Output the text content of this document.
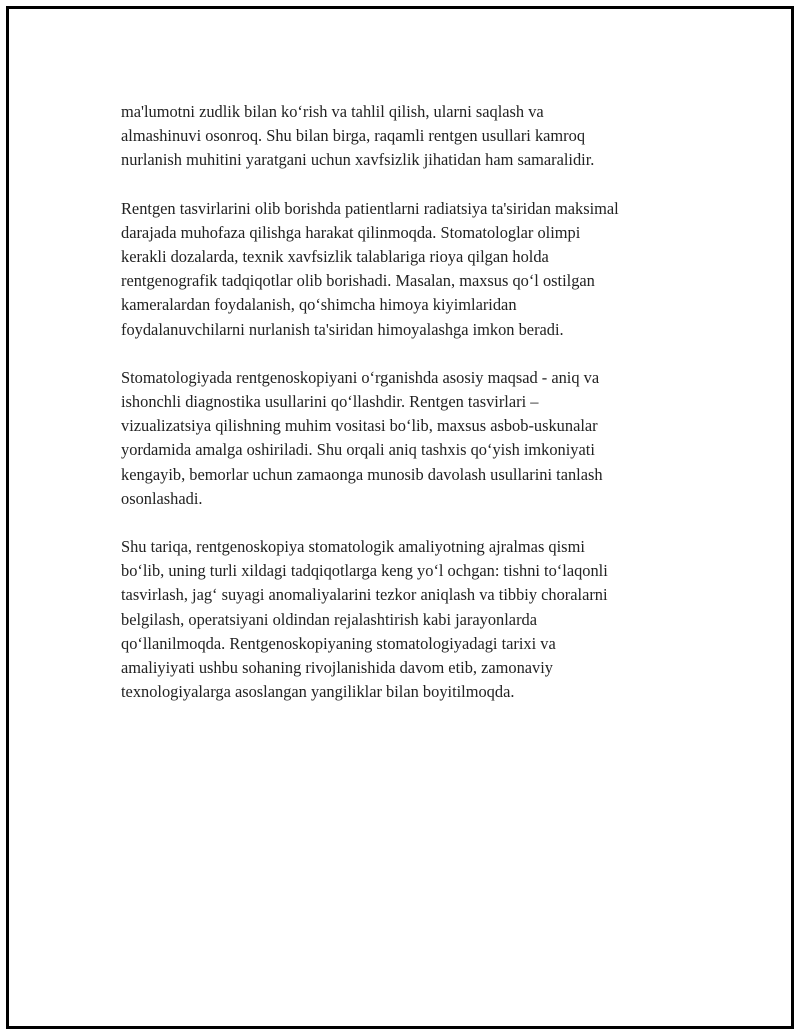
ma'lumotni zudlik bilan ko‘rish va tahlil qilish, ularni saqlash va
almashinuvi osonroq. Shu bilan birga, raqamli rentgen usullari kamroq
nurlanish muhitini yaratgani uchun xavfsizlik jihatidan ham samaralidir.

Rentgen tasvirlarini olib borishda patientlarni radiatsiya ta'siridan maksimal
darajada muhofaza qilishga harakat qilinmoqda. Stomatologlar olimpi
kerakli dozalarda, texnik xavfsizlik talablariga rioya qilgan holda
rentgenografik tadqiqotlar olib borishadi. Masalan, maxsus qo‘l ostilgan
kameralardan foydalanish, qo‘shimcha himoya kiyimlaridan
foydalanuvchilarni nurlanish ta'siridan himoyalashga imkon beradi.

Stomatologiyada rentgenoskopiyani o‘rganishda asosiy maqsad - aniq va
ishonchli diagnostika usullarini qo‘llashdir. Rentgen tasvirlari –
vizualizatsiya qilishning muhim vositasi bo‘lib, maxsus asbob-uskunalar
yordamida amalga oshiriladi. Shu orqali aniq tashxis qo‘yish imkoniyati
kengayib, bemorlar uchun zamaongа munosib davolash usullarini tanlash
osonlashadi.

Shu tariqa, rentgenoskopiya stomatologik amaliyotning ajralmas qismi
bo‘lib, uning turli xildagi tadqiqotlarga keng yo‘l ochgan: tishni to‘laqonli
tasvirlash, jag‘ suyagi anomaliyalarini tezkor aniqlash va tibbiy choralarni
belgilash, operatsiyani oldindan rejalashtirish kabi jarayonlarda
qo‘llanilmoqda. Rentgenoskopiyaning stomatologiyadagi tarixi va
amaliyiyati ushbu sohaning rivojlanishida davom etib, zamonaviy
texnologiyalarga asoslangan yangiliklar bilan boyitilmoqda.
